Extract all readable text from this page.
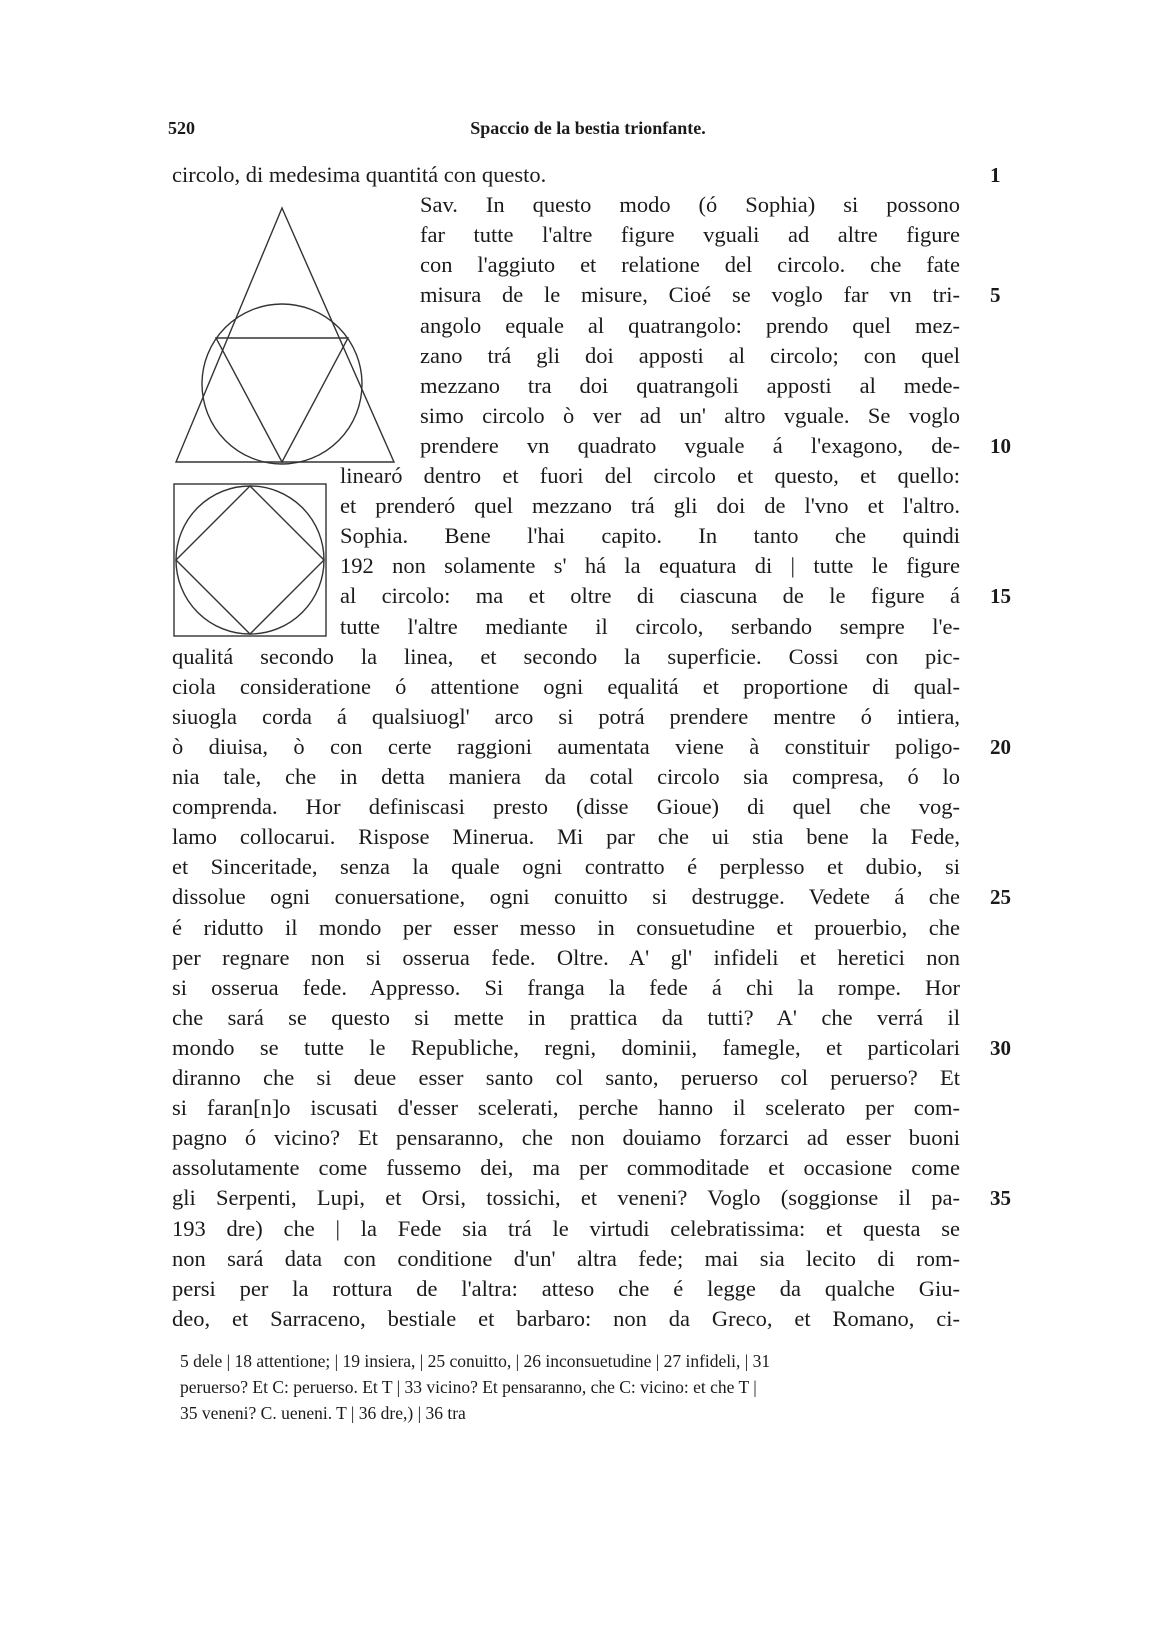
520	Spaccio de la bestia trionfante.
circolo, di medesima quantitá con questo.
Sav. In questo modo (ó Sophia) si possono
far tutte l'altre figure vguali ad altre figure
con l'aggiuto et relatione del circolo. che fate
misura de le misure, Cioé se voglo far vn tri-
angolo equale al quatrangolo: prendo quel mez-
zano trá gli doi apposti al circolo; con quel
mezzano tra doi quatrangoli apposti al mede-
simo circolo ò ver ad un' altro vguale. Se voglo
prendere vn quadrato vguale á l'exagono, de-
linearó dentro et fuori del circolo et questo, et quello:
et prenderó quel mezzano trá gli doi de l'vno et l'altro.
Sophia. Bene l'hai capito. In tanto che quindi
192 non solamente s' há la equatura di | tutte le figure
al circolo: ma et oltre di ciascuna de le figure á
tutte l'altre mediante il circolo, serbando sempre l'e-
qualitá secondo la linea, et secondo la superficie. Cossi con pic-
ciola consideratione ó attentione ogni equalitá et proportione di qual-
siuogla corda á qualsiuogl' arco si potrá prendere mentre ó intiera,
ò diuisa, ò con certe raggioni aumentata viene à constituir poligo-
nia tale, che in detta maniera da cotal circolo sia compresa, ó lo
comprenda. Hor definiscasi presto (disse Gioue) di quel che vog-
lamo collocarui. Rispose Minerua. Mi par che ui stia bene la Fede,
et Sinceritade, senza la quale ogni contratto é perplesso et dubio, si
dissolue ogni conuersatione, ogni conuitto si destrugge. Vedete á che
é ridutto il mondo per esser messo in consuetudine et prouerbio, che
per regnare non si osserua fede. Oltre. A' gl' infideli et heretici non
si osserua fede. Appresso. Si franga la fede á chi la rompe. Hor
che sará se questo si mette in prattica da tutti? A' che verrá il
mondo se tutte le Republiche, regni, dominii, famegle, et particolari
diranno che si deue esser santo col santo, peruerso col peruerso? Et
si faran[n]o iscusati d'esser scelerati, perche hanno il scelerato per com-
pagno ó vicino? Et pensaranno, che non douiamo forzarci ad esser buoni
assolutamente come fussemo dei, ma per commoditade et occasione come
gli Serpenti, Lupi, et Orsi, tossichi, et veneni? Voglo (soggionse il pa-
193 dre) che | la Fede sia trá le virtudi celebratissima: et questa se
non sará data con conditione d'un' altra fede; mai sia lecito di rom-
persi per la rottura de l'altra: atteso che é legge da qualche Giu-
deo, et Sarraceno, bestiale et barbaro: non da Greco, et Romano, ci-
1
5
10
15
20
25
30
35
5 dele | 18 attentione; | 19 insiera, | 25 conuitto, | 26 inconsuetudine | 27 infideli, | 31
peruerso? Et C: peruerso. Et T | 33 vicino? Et pensaranno, che C: vicino: et che T |
35 veneni? C. ueneni. T | 36 dre,) | 36 tra
